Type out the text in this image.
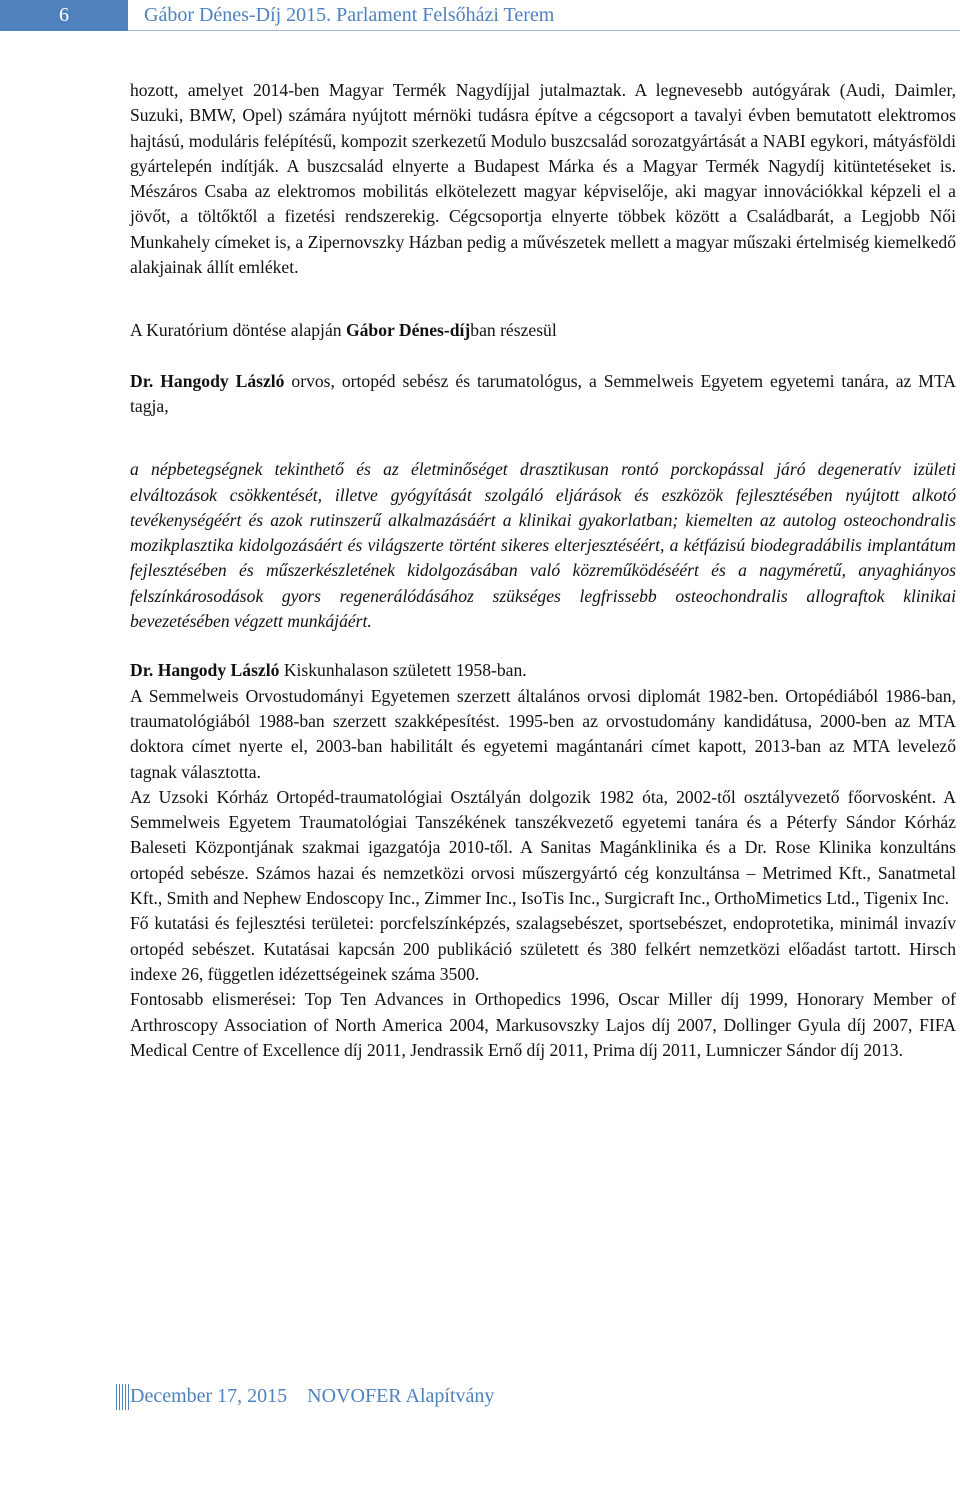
6	Gábor Dénes-Díj 2015. Parlament Felsőházi Terem

hozott, amelyet 2014-ben Magyar Termék Nagydíjjal jutalmaztak. A legnevesebb autógyárak (Audi, Daimler, Suzuki, BMW, Opel) számára nyújtott mérnöki tudásra építve a cégcsoport a tavalyi évben bemutatott elektromos hajtású, moduláris felépítésű, kompozit szerkezetű Modulo buszcsalád sorozatgyártását a NABI egykori, mátyásföldi gyártelepén indítják. A buszcsalád elnyerte a Budapest Márka és a Magyar Termék Nagydíj kitüntetéseket is. Mészáros Csaba az elektromos mobilitás elkötelezett magyar képviselője, aki magyar innovációkkal képzeli el a jövőt, a töltőktől a fizetési rendszerekig. Cégcsoportja elnyerte többek között a Családbarát, a Legjobb Női Munkahely címeket is, a Zipernovszky Házban pedig a művészetek mellett a magyar műszaki értelmiség kiemelkedő alakjainak állít emléket.

A Kuratórium döntése alapján Gábor Dénes-díjban részesül

Dr. Hangody László orvos, ortopéd sebész és tarumatológus, a Semmelweis Egyetem egyetemi tanára, az MTA tagja,

a népbetegségnek tekinthető és az életminőséget drasztikusan rontó porckopással járó degeneratív izületi elváltozások csökkentését, illetve gyógyítását szolgáló eljárások és eszközök fejlesztésében nyújtott alkotó tevékenységéért és azok rutinszerű alkalmazásáért a klinikai gyakorlatban; kiemelten az autolog osteochondralis mozikplasztika kidolgozásáért és világszerte történt sikeres elterjesztéséért, a kétfázisú biodegradábilis implantátum fejlesztésében és műszerkészletének kidolgozásában való közreműködéséért és a nagyméretű, anyaghiányos felszínkárosodások gyors regenerálódásához szükséges legfrissebb osteochondralis allograftok klinikai bevezetésében végzett munkájáért.

Dr. Hangody László Kiskunhalason született 1958-ban.

A Semmelweis Orvostudományi Egyetemen szerzett általános orvosi diplomát 1982-ben. Ortopédiából 1986-ban, traumatológiából 1988-ban szerzett szakképesítést. 1995-ben az orvostudomány kandidátusa, 2000-ben az MTA doktora címet nyerte el, 2003-ban habilitált és egyetemi magántanári címet kapott, 2013-ban az MTA levelező tagnak választotta.

Az Uzsoki Kórház Ortopéd-traumatológiai Osztályán dolgozik 1982 óta, 2002-től osztályvezető főorvosként. A Semmelweis Egyetem Traumatológiai Tanszékének tanszékvezető egyetemi tanára és a Péterfy Sándor Kórház Baleseti Központjának szakmai igazgatója 2010-től. A Sanitas Magánklinika és a Dr. Rose Klinika konzultáns ortopéd sebésze. Számos hazai és nemzetközi orvosi műszergyártó cég konzultánsa – Metrimed Kft., Sanatmetal Kft., Smith and Nephew Endoscopy Inc., Zimmer Inc., IsoTis Inc., Surgicraft Inc., OrthoMimetics Ltd., Tigenix Inc.

Fő kutatási és fejlesztési területei: porcfelszínképzés, szalagsebészet, sportsebészet, endoprotetika, minimál invazív ortopéd sebészet. Kutatásai kapcsán 200 publikáció született és 380 felkért nemzetközi előadást tartott. Hirsch indexe 26, független idézettségeinek száma 3500.

Fontosabb elismerései: Top Ten Advances in Orthopedics 1996, Oscar Miller díj 1999, Honorary Member of Arthroscopy Association of North America 2004, Markusovszky Lajos díj 2007, Dollinger Gyula díj 2007, FIFA Medical Centre of Excellence díj 2011, Jendrassik Ernő díj 2011, Prima díj 2011, Lumniczer Sándor díj 2013.

December 17, 2015 NOVOFER Alapítvány
